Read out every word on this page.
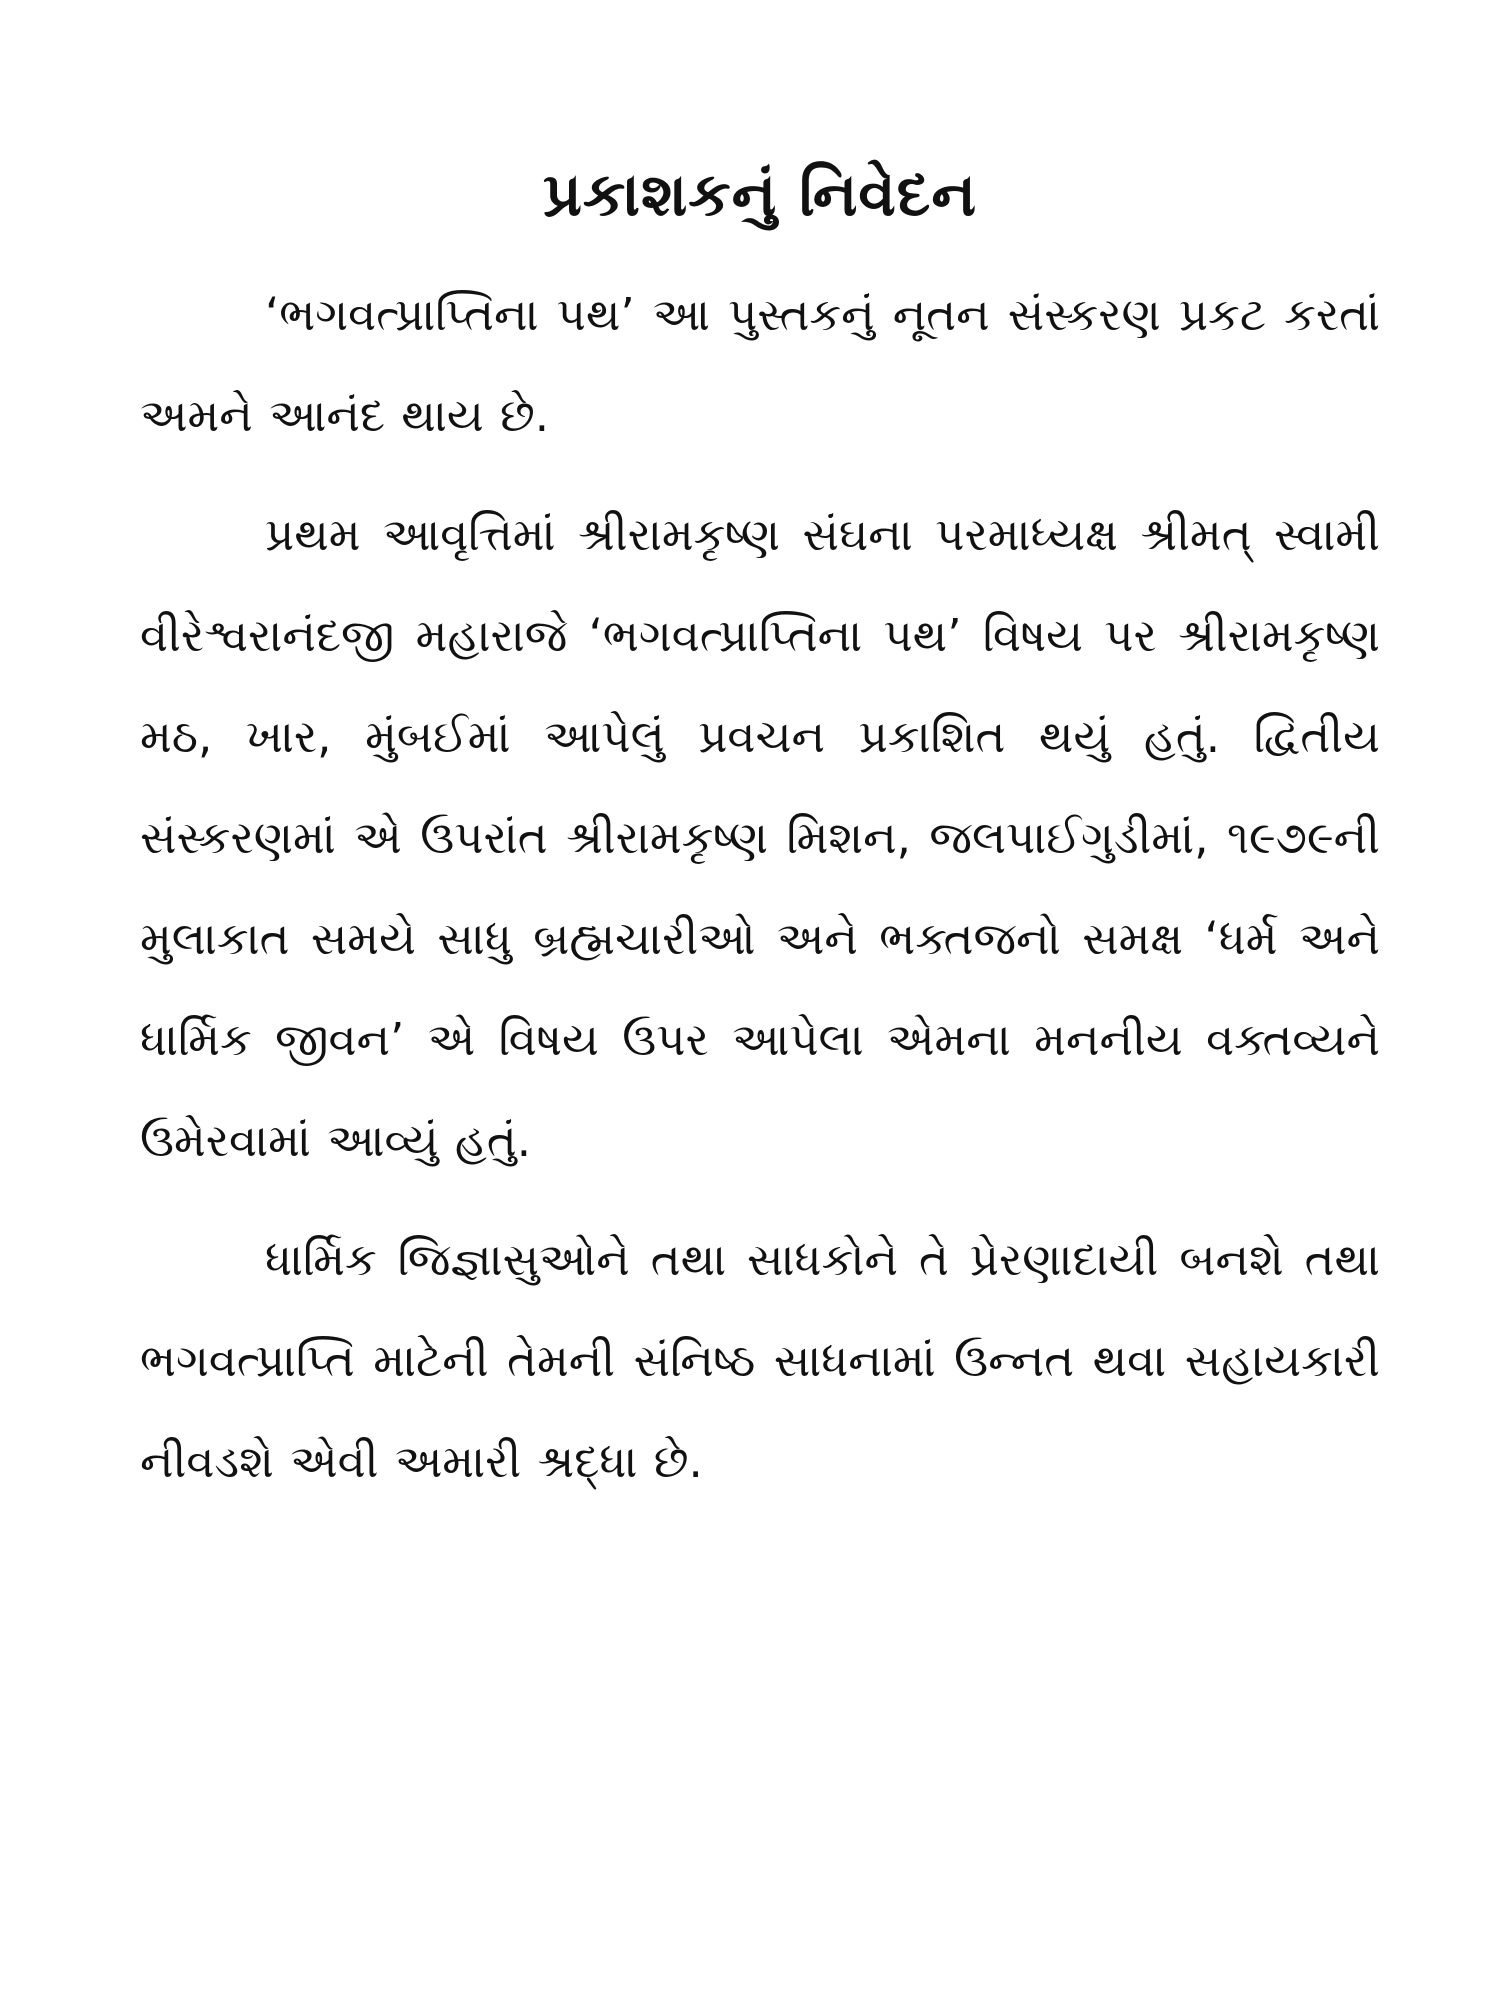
પ્રકાશકનું નિવેદન

‘ભગવત્પ્રાપ્તિના પથ’ આ પુસ્તકનું નૂતન સંસ્કરણ પ્રકટ કરતાં અમને આનંદ થાય છે.

પ્રથમ આવૃત્તિમાં શ્રીરામકૃષ્ણ સંઘના પરમાધ્યક્ષ શ્રીમત્ સ્વામી વીરેશ્વરાનંદજી મહારાજે ‘ભગવત્પ્રાપ્તિના પથ’ વિષય પર શ્રીરામકૃષ્ણ મઠ, ખાર, મુંબઈમાં આપેલું પ્રવચન પ્રકાશિત થયું હતું. દ્વિતીય સંસ્કરણમાં એ ઉપરાંત શ્રીરામકૃષ્ણ મિશન, જલપાઈગુડીમાં, ૧૯૭૯ની મુલાકાત સમયે સાધુ બ્રહ્મચારીઓ અને ભક્તજનો સમક્ષ ‘ધર્મ અને ધાર્મિક જીવન’ એ વિષય ઉપર આપેલા એમના મનનીય વક્તવ્યને ઉમેરવામાં આવ્યું હતું.

ધાર્મિક જિજ્ઞાસુઓને તથા સાધકોને તે પ્રેરણાદાયી બનશે તથા ભગવત્પ્રાપ્તિ માટેની તેમની સંનિષ્ઠ સાધનામાં ઉન્નત થવા સહાયકારી નીવડશે એવી અમારી શ્રદ્ધા છે.
